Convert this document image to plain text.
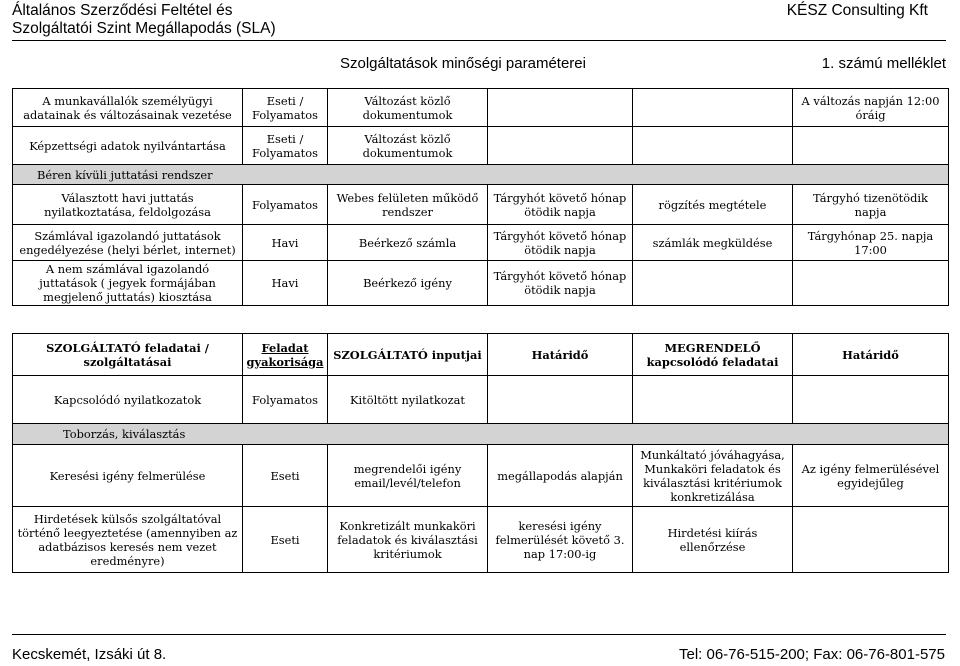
Általános Szerződési Feltétel és
Szolgáltatói Szint Megállapodás (SLA)
KÉSZ Consulting Kft
Szolgáltatások minőségi paraméterei	1. számú melléklet
A munkavállalók személyügyi adatainak és változásainak vezetése	Eseti / Folyamatos	Változást közlő dokumentumok			A változás napján 12:00 óráig
Képzettségi adatok nyilvántartása	Eseti / Folyamatos	Változást közlő dokumentumok			
Béren kívüli juttatási rendszer					
Választott havi juttatás nyilatkoztatása, feldolgozása	Folyamatos	Webes felületen működő rendszer	Tárgyhót követő hónap ötödik napja	rögzítés megtétele	Tárgyhó tizenötödik napja
Számlával igazolandó juttatások engedélyezése (helyi bérlet, internet)	Havi	Beérkező számla	Tárgyhót követő hónap ötödik napja	számlák megküldése	Tárgyhónap 25. napja 17:00
A nem számlával igazolandó juttatások ( jegyek formájában megjelenő juttatás) kiosztása	Havi	Beérkező igény	Tárgyhót követő hónap ötödik napja		
SZOLGÁLTATÓ feladatai / szolgáltatásai	Feladat gyakorisága	SZOLGÁLTATÓ inputjai	Határidő	MEGRENDELŐ kapcsolódó feladatai	Határidő
Kapcsolódó nyilatkozatok	Folyamatos	Kitöltött nyilatkozat			
Toborzás, kiválasztás					
Keresési igény felmerülése	Eseti	megrendelői igény email/levél/telefon	megállapodás alapján	Munkáltató jóváhagyása, Munkaköri feladatok és kiválasztási kritériumok konkretizálása	Az igény felmerülésével egyidejűleg
Hirdetések külsős szolgáltatóval történő leegyeztetése (amennyiben az adatbázisos keresés nem vezet eredményre)	Eseti	Konkretizált munkaköri feladatok és kiválasztási kritériumok	keresési igény felmerülését követő 3. nap 17:00-ig	Hirdetési kiírás ellenőrzése	
Kecskemét, Izsáki út 8.	Tel: 06-76-515-200; Fax: 06-76-801-575
